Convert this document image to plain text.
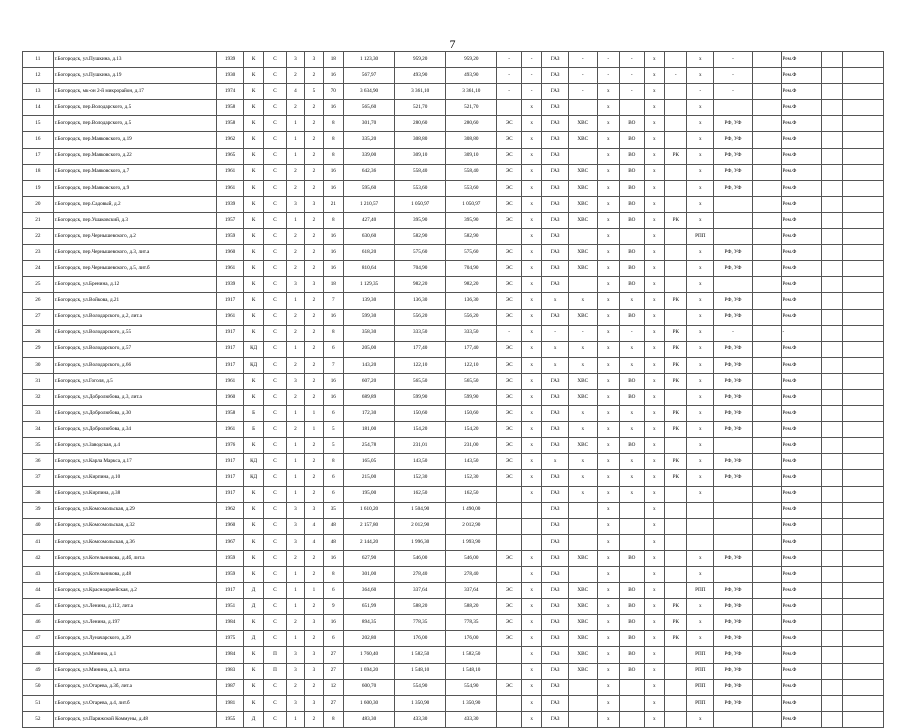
7
11	г.Богородск, ул.Пушкина, д.13	1939	К	С	3	3	18	1 123,30	959,20	959,20	-	-	ГАЗ	-	-	-	х		х	-		Рем.Ф		
12	г.Богородск, ул.Пушкина, д.19	1930	К	С	2	2	16	567,97	493,90	493,90	-	-	ГАЗ	-	-	-	х	-	х	-		Рем.Ф		
13	г.Богородск, мк-он 2-й микрорайон, д.17	1974	К	С	4	5	70	3 634,90	3 361,10	3 361,10	-	-	ГАЗ	-	х	-	х		-	-		Рем.Ф		
14	г.Богородск, пер.Володарского, д.5	1958	К	С	2	2	16	565,60	521,70	521,70		х	ГАЗ		х		х		х			Рем.Ф		
15	г.Богородск, пер.Володарского, д.5	1958	К	С	1	2	8	301,70	280,60	280,60	ЭС	х	ГАЗ	ХВС	х	ВО	х		х	РФ, УФ		Рем.Ф		
16	г.Богородск, пер.Маяковского, д.19	1962	К	С	1	2	8	335,20	308,80	308,80	ЭС	х	ГАЗ	ХВС	х	ВО	х		х	РФ, УФ		Рем.Ф		
17	г.Богородск, пер.Маяковского, д.22	1965	К	С	1	2	8	339,00	309,10	309,10	ЭС	х	ГАЗ		х	ВО	х	РК	х	РФ, УФ		Рем.Ф		
18	г.Богородск, пер.Маяковского, д.7	1961	К	С	2	2	16	642,36	558,40	558,40	ЭС	х	ГАЗ	ХВС	х	ВО	х		х	РФ, УФ		Рем.Ф		
19	г.Богородск, пер.Маяковского, д.9	1961	К	С	2	2	16	595,60	553,60	553,60	ЭС	х	ГАЗ	ХВС	х	ВО	х		х	РФ, УФ		Рем.Ф		
20	г.Богородск, пер.Садовый, д.2	1939	К	С	3	3	21	1 210,57	1 050,97	1 050,97	ЭС	х	ГАЗ	ХВС	х	ВО	х		х			Рем.Ф		
21	г.Богородск, пер.Ушаковский, д.3	1957	К	С	1	2	8	427,40	395,90	395,90	ЭС	х	ГАЗ	ХВС	х	ВО	х	РК	х			Рем.Ф		
22	г.Богородск, пер.Чернышевского, д.2	1959	К	С	2	2	16	630,60	582,90	582,90		х	ГАЗ		х		х		РПП			Рем.Ф		
23	г.Богородск, пер.Чернышевского, д.3, лит.а	1960	К	С	2	2	16	618,20	575,60	575,60	ЭС	х	ГАЗ	ХВС	х	ВО	х		х	РФ, УФ		Рем.Ф		
24	г.Богородск, пер.Чернышевского, д.5, лит.б	1961	К	С	2	2	16	810,64	704,90	704,90	ЭС	х	ГАЗ	ХВС	х	ВО	х		х	РФ, УФ		Рем.Ф		
25	г.Богородск, ул.Бренина, д.12	1939	К	С	3	3	18	1 129,35	982,20	982,20	ЭС	х	ГАЗ		х	ВО	х		х			Рем.Ф		
26	г.Богородск, ул.Войкова, д.21	1917	К	С	1	2	7	139,30	136,30	136,30	ЭС	х	х	х	х	х	х	РК	х	РФ, УФ		Рем.Ф		
27	г.Богородск, ул.Володарского, д.2, лит.а	1961	К	С	2	2	16	599,30	556,20	556,20	ЭС	х	ГАЗ	ХВС	х	ВО	х		х	РФ, УФ		Рем.Ф		
28	г.Богородск, ул.Володарского, д.55	1917	К	С	2	2	8	358,30	333,50	333,50	-	х	-	-	х	-	х	РК	х	-		-		
29	г.Богородск, ул.Володарского, д.57	1917	КД	С	1	2	6	205,00	177,40	177,40	ЭС	х	х	х	х	х	х	РК	х	РФ, УФ		Рем.Ф		
30	г.Богородск, ул.Володарского, д.66	1917	КД	С	2	2	7	143,20	122,10	122,10	ЭС	х	х	х	х	х	х	РК	х	РФ, УФ		Рем.Ф		
31	г.Богородск, ул.Гоголя, д.5	1961	К	С	3	2	16	607,20	565,50	565,50	ЭС	х	ГАЗ	ХВС	х	ВО	х	РК	х	РФ, УФ		Рем.Ф		
32	г.Богородск, ул.Добролюбова, д.3, лит.а	1960	К	С	2	2	16	689,89	599,90	599,90	ЭС	х	ГАЗ	ХВС	х	ВО	х		х	РФ, УФ		Рем.Ф		
33	г.Богородск, ул.Добролюбова, д.30	1958	Б	С	1	1	6	172,30	150,60	150,60	ЭС	х	ГАЗ	х	х	х	х	РК	х	РФ, УФ		Рем.Ф		
34	г.Богородск, ул.Добролюбова, д.34	1961	Б	С	2	1	5	181,00	154,20	154,20	ЭС	х	ГАЗ	х	х	х	х	РК	х	РФ, УФ		Рем.Ф		
35	г.Богородск, ул.Заводская, д.4	1976	К	С	1	2	5	254,78	231,01	231,00	ЭС	х	ГАЗ	ХВС	х	ВО	х		х			Рем.Ф		
36	г.Богородск, ул.Карла Маркса, д.17	1917	КД	С	1	2	8	165,05	143,50	143,50	ЭС	х	х	х	х	х	х	РК	х	РФ, УФ		Рем.Ф		
37	г.Богородск, ул.Кирпина, д.10	1917	КД	С	1	2	6	215,00	152,30	152,30	ЭС	х	ГАЗ	х	х	х	х	РК	х	РФ, УФ		Рем.Ф		
38	г.Богородск, ул.Кирпина, д.38	1917	К	С	1	2	6	195,00	162,50	162,50		х	ГАЗ	х	х	х	х		х			Рем.Ф		
39	г.Богородск, ул.Комсомольская, д.29	1962	К	С	3	3	35	1 610,20	1 504,90	1 490,00			ГАЗ		х		х					Рем.Ф		
40	г.Богородск, ул.Комсомольская, д.32	1960	К	С	3	4	48	2 157,80	2 012,90	2 012,90			ГАЗ		х		х					Рем.Ф		
41	г.Богородск, ул.Комсомольская, д.36	1967	К	С	3	4	48	2 144,20	1 996,30	1 993,90			ГАЗ		х		х					Рем.Ф		
42	г.Богородск, ул.Котельникова, д.4б, лит.а	1959	К	С	2	2	16	627,90	546,00	546,00	ЭС	х	ГАЗ	ХВС	х	ВО	х		х	РФ, УФ		Рем.Ф		
43	г.Богородск, ул.Котельникова, д.48	1959	К	С	1	2	8	301,00	278,40	278,40		х	ГАЗ		х		х		х			Рем.Ф		
44	г.Богородск, ул.Красноармейская, д.2	1917	Д	С	1	1	6	364,60	337,64	337,64	ЭС	х	ГАЗ	ХВС	х	ВО	х		РПП	РФ, УФ		Рем.Ф		
45	г.Богородск, ул.Ленина, д.112, лит.а	1951	Д	С	1	2	9	651,99	588,20	588,20	ЭС	х	ГАЗ	ХВС	х	ВО	х	РК	х	РФ, УФ		Рем.Ф		
46	г.Богородск, ул.Ленина, д.197	1984	К	С	2	3	16	894,35	778,35	778,35	ЭС	х	ГАЗ	ХВС	х	ВО	х	РК	х	РФ, УФ		Рем.Ф		
47	г.Богородск, ул.Луначарского, д.39	1975	Д	С	1	2	6	202,80	176,00	176,00	ЭС	х	ГАЗ	ХВС	х	ВО	х	РК	х	РФ, УФ		Рем.Ф		
48	г.Богородск, ул.Минина, д.1	1984	К	П	3	3	27	1 760,40	1 582,50	1 582,50		х	ГАЗ	ХВС	х	ВО	х		РПП	РФ, УФ		Рем.Ф		
49	г.Богородск, ул.Минина, д.3, лит.а	1983	К	П	3	3	27	1 694,20	1 548,10	1 548,10		х	ГАЗ	ХВС	х	ВО	х		РПП	РФ, УФ		Рем.Ф		
50	г.Богородск, ул.Огарева, д.3б, лит.а	1987	К	С	2	2	12	600,70	554,90	554,90	ЭС	х	ГАЗ		х		х		РПП	РФ, УФ		Рем.Ф		
51	г.Богородск, ул.Огарева, д.4, лит.б	1981	К	С	3	3	27	1 600,30	1 350,90	1 350,90		х	ГАЗ		х		х		РПП	РФ, УФ		Рем.Ф		
52	г.Богородск, ул.Парижской Коммуны, д.48	1955	Д	С	1	2	8	483,30	433,30	433,30		х	ГАЗ		х		х		х			Рем.Ф		
